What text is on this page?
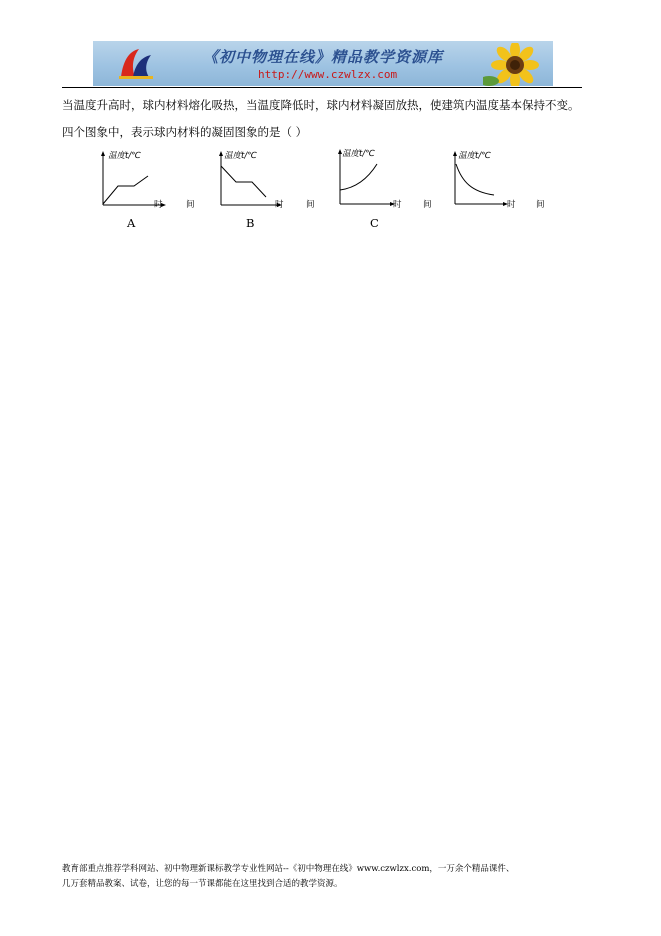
《初中物理在线》精品教学资源库
http://www.czwlzx.com
当温度升高时，球内材料熔化吸热，当温度降低时，球内材料凝固放热，使建筑内温度基本保持不变。
四个图象中，表示球内材料的凝固图象的是（ ）
温度t/℃
时	间
温度t/℃
时	间
温度t/℃
时	间
温度t/℃
时 间
A	B	C
教育部重点推荐学科网站、初中物理新课标教学专业性网站--《初中物理在线》www.czwlzx.com，一万余个精品课件、
几万套精品教案、试卷，让您的每一节课都能在这里找到合适的教学资源。
